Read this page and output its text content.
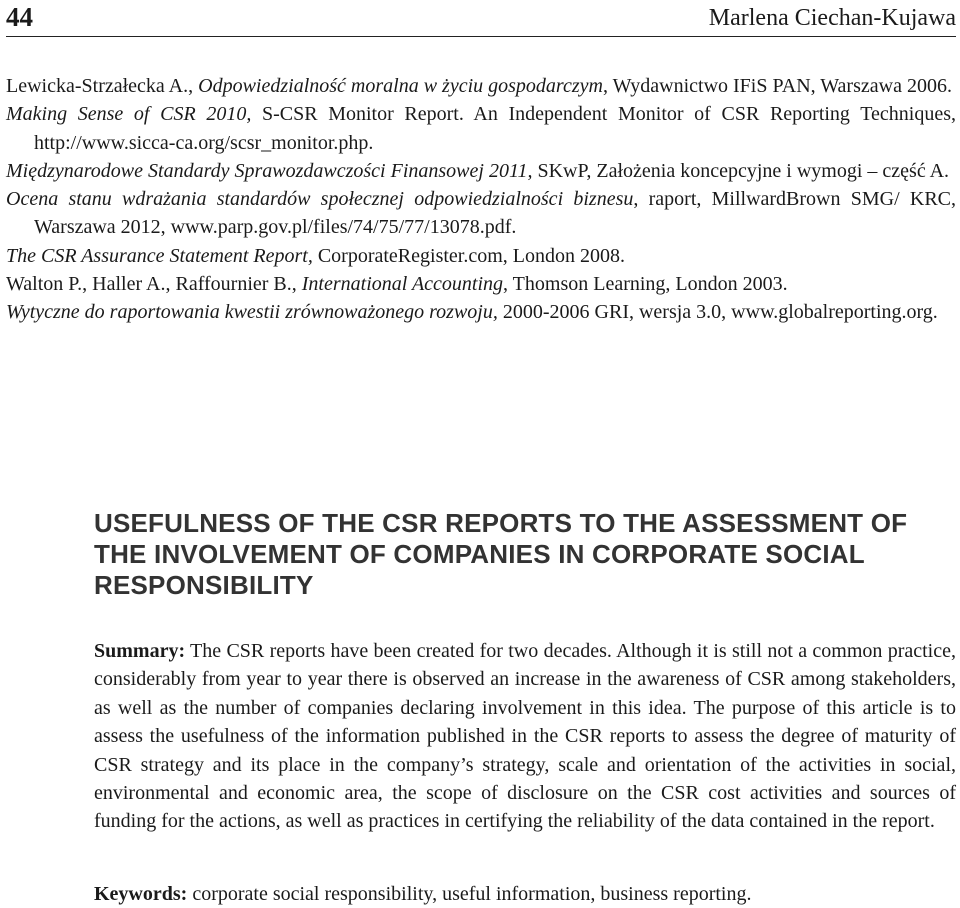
44	Marlena Ciechan-Kujawa
Lewicka-Strzałecka A., Odpowiedzialność moralna w życiu gospodarczym, Wydawnictwo IFiS PAN, Warszawa 2006.
Making Sense of CSR 2010, S-CSR Monitor Report. An Independent Monitor of CSR Reporting Techniques, http://www.sicca-ca.org/scsr_monitor.php.
Międzynarodowe Standardy Sprawozdawczości Finansowej 2011, SKwP, Założenia koncepcyjne i wymogi – część A.
Ocena stanu wdrażania standardów społecznej odpowiedzialności biznesu, raport, MillwardBrown SMG/ KRC, Warszawa 2012, www.parp.gov.pl/files/74/75/77/13078.pdf.
The CSR Assurance Statement Report, CorporateRegister.com, London 2008.
Walton P., Haller A., Raffournier B., International Accounting, Thomson Learning, London 2003.
Wytyczne do raportowania kwestii zrównoważonego rozwoju, 2000-2006 GRI, wersja 3.0, www.globalreporting.org.
USEFULNESS OF THE CSR REPORTS TO THE ASSESSMENT OF THE INVOLVEMENT OF COMPANIES IN CORPORATE SOCIAL RESPONSIBILITY
Summary: The CSR reports have been created for two decades. Although it is still not a common practice, considerably from year to year there is observed an increase in the awareness of CSR among stakeholders, as well as the number of companies declaring involvement in this idea. The purpose of this article is to assess the usefulness of the information published in the CSR reports to assess the degree of maturity of CSR strategy and its place in the company’s strategy, scale and orientation of the activities in social, environmental and economic area, the scope of disclosure on the CSR cost activities and sources of funding for the actions, as well as practices in certifying the reliability of the data contained in the report.
Keywords: corporate social responsibility, useful information, business reporting.
